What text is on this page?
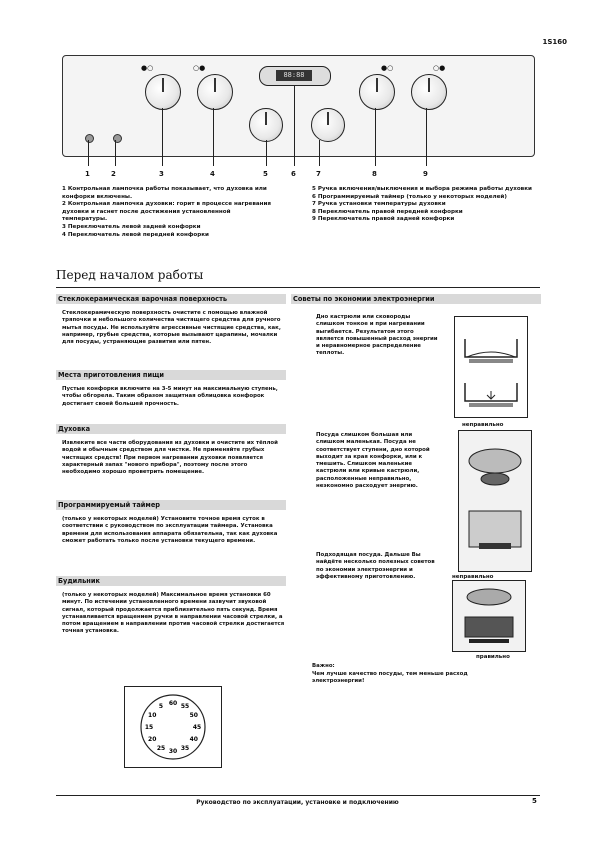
1S160
88:88
●○	○●	●○	○●
1	2	3	4	5	6	7	8	9
1 Контрольная лампочка работы показывает, что духовка или конфорки включены.
2 Контрольная лампочка духовки: горит в процессе нагревания духовки и гаснет после достижения установленной температуры.
3 Переключатель левой задней конфорки
4 Переключатель левой передней конфорки
5 Ручка включения/выключения и выбора режима работы духовки
6 Программируемый таймер (только у некоторых моделей)
7 Ручка установки температуры духовки
8 Переключатель правой передней конфорки
9 Переключатель правой задней конфорки
Перед началом работы
Стеклокерамическая варочная поверхность
Стеклокерамическую поверхность очистите с помощью влажной тряпочки и небольшого количества чистящего средства для ручного мытья посуды. Не используйте агрессивные чистящие средства, как, например, грубые средства, которые вызывают царапины, мочалки для посуды, устраняющие развития или пятен.
Места приготовления пищи
Пустые конфорки включите на 3-5 минут на максимальную ступень, чтобы обгорела. Таким образом защитная облицовка конфорок достигает своей большей прочность.
Духовка
Извлеките все части оборудования из духовки и очистите их тёплой водой и обычным средством для чистки. Не применяйте грубых чистящих средств! При первом нагревании духовки появляется характерный запах "нового прибора", поэтому после этого необходимо хорошо проветрить помещение.
Программируемый таймер
(только у некоторых моделей) Установите точное время суток в соответствии с руководством по эксплуатации таймера. Установка времени для использования аппарата обязательна, так как духовка сможет работать только после установки текущего времени.
Будильник
(только у некоторых моделей) Максимальное время установки 60 минут. По истечении установленного времени зазвучит звуковой сигнал, который продолжается приблизительно пять секунд. Время устанавливается вращением ручки в направлении часовой стрелки, а потом вращением в направлении против часовой стрелки достигается точная установка.
60 55
50
45
40
35
30
25
20
15
10
5
Советы по экономии электроэнергии
Дно кастрюли или сковороды слишком тонкое и при нагревании выгибается. Результатом этого является повышенный расход энергии и неравномерное распределение теплоты.
Посуда слишком большая или слишком маленькая. Посуда не соответствует ступени, дно которой выходит за края конфорки, или к тмешить. Слишком маленькие кастрюли или кривые кастрюли, расположенные неправильно, неэкономно расходует энергию.
Подходящая посуда. Дальше Вы найдёте несколько полезных советов по экономии электроэнергии и эффективному приготовлению.
неправильно
неправильно
правильно
Важно:
Чем лучше качество посуды, тем меньше расход электроэнергии!
Руководство по эксплуатации, установке и подключению	5
